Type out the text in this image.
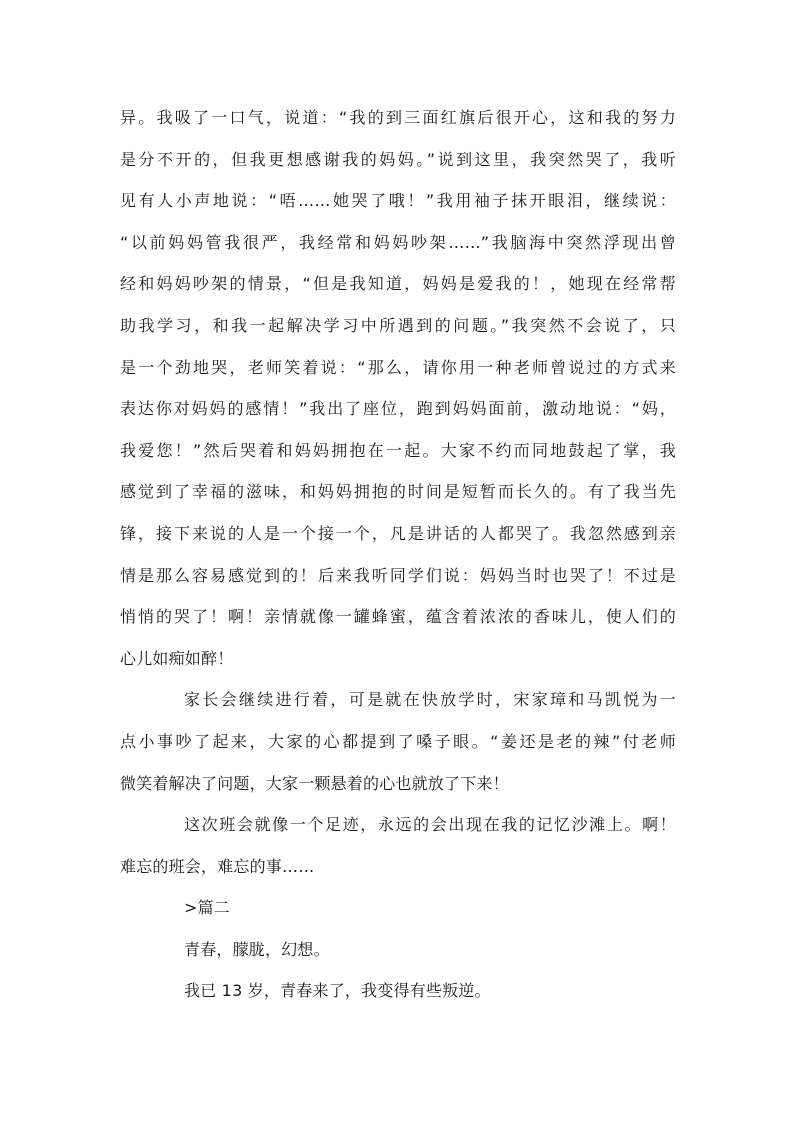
异。我吸了一口气，说道：“我的到三面红旗后很开心，这和我的努力
是分不开的，但我更想感谢我的妈妈。”说到这里，我突然哭了，我听
见有人小声地说：“唔……她哭了哦！”我用袖子抹开眼泪，继续说：
“以前妈妈管我很严，我经常和妈妈吵架……”我脑海中突然浮现出曾
经和妈妈吵架的情景，“但是我知道，妈妈是爱我的！，她现在经常帮
助我学习，和我一起解决学习中所遇到的问题。”我突然不会说了，只
是一个劲地哭，老师笑着说：“那么，请你用一种老师曾说过的方式来
表达你对妈妈的感情！”我出了座位，跑到妈妈面前，激动地说：“妈，
我爱您！”然后哭着和妈妈拥抱在一起。大家不约而同地鼓起了掌，我
感觉到了幸福的滋味，和妈妈拥抱的时间是短暂而长久的。有了我当先
锋，接下来说的人是一个接一个，凡是讲话的人都哭了。我忽然感到亲
情是那么容易感觉到的！后来我听同学们说：妈妈当时也哭了！不过是
悄悄的哭了！啊！亲情就像一罐蜂蜜，蕴含着浓浓的香味儿，使人们的
心儿如痴如醉！
家长会继续进行着，可是就在快放学时，宋家璋和马凯悦为一
点小事吵了起来，大家的心都提到了嗓子眼。“姜还是老的辣”付老师
微笑着解决了问题，大家一颗悬着的心也就放了下来！
这次班会就像一个足迹，永远的会出现在我的记忆沙滩上。啊！
难忘的班会，难忘的事……
>篇二
青春，朦胧，幻想。
我已 13 岁，青春来了，我变得有些叛逆。
